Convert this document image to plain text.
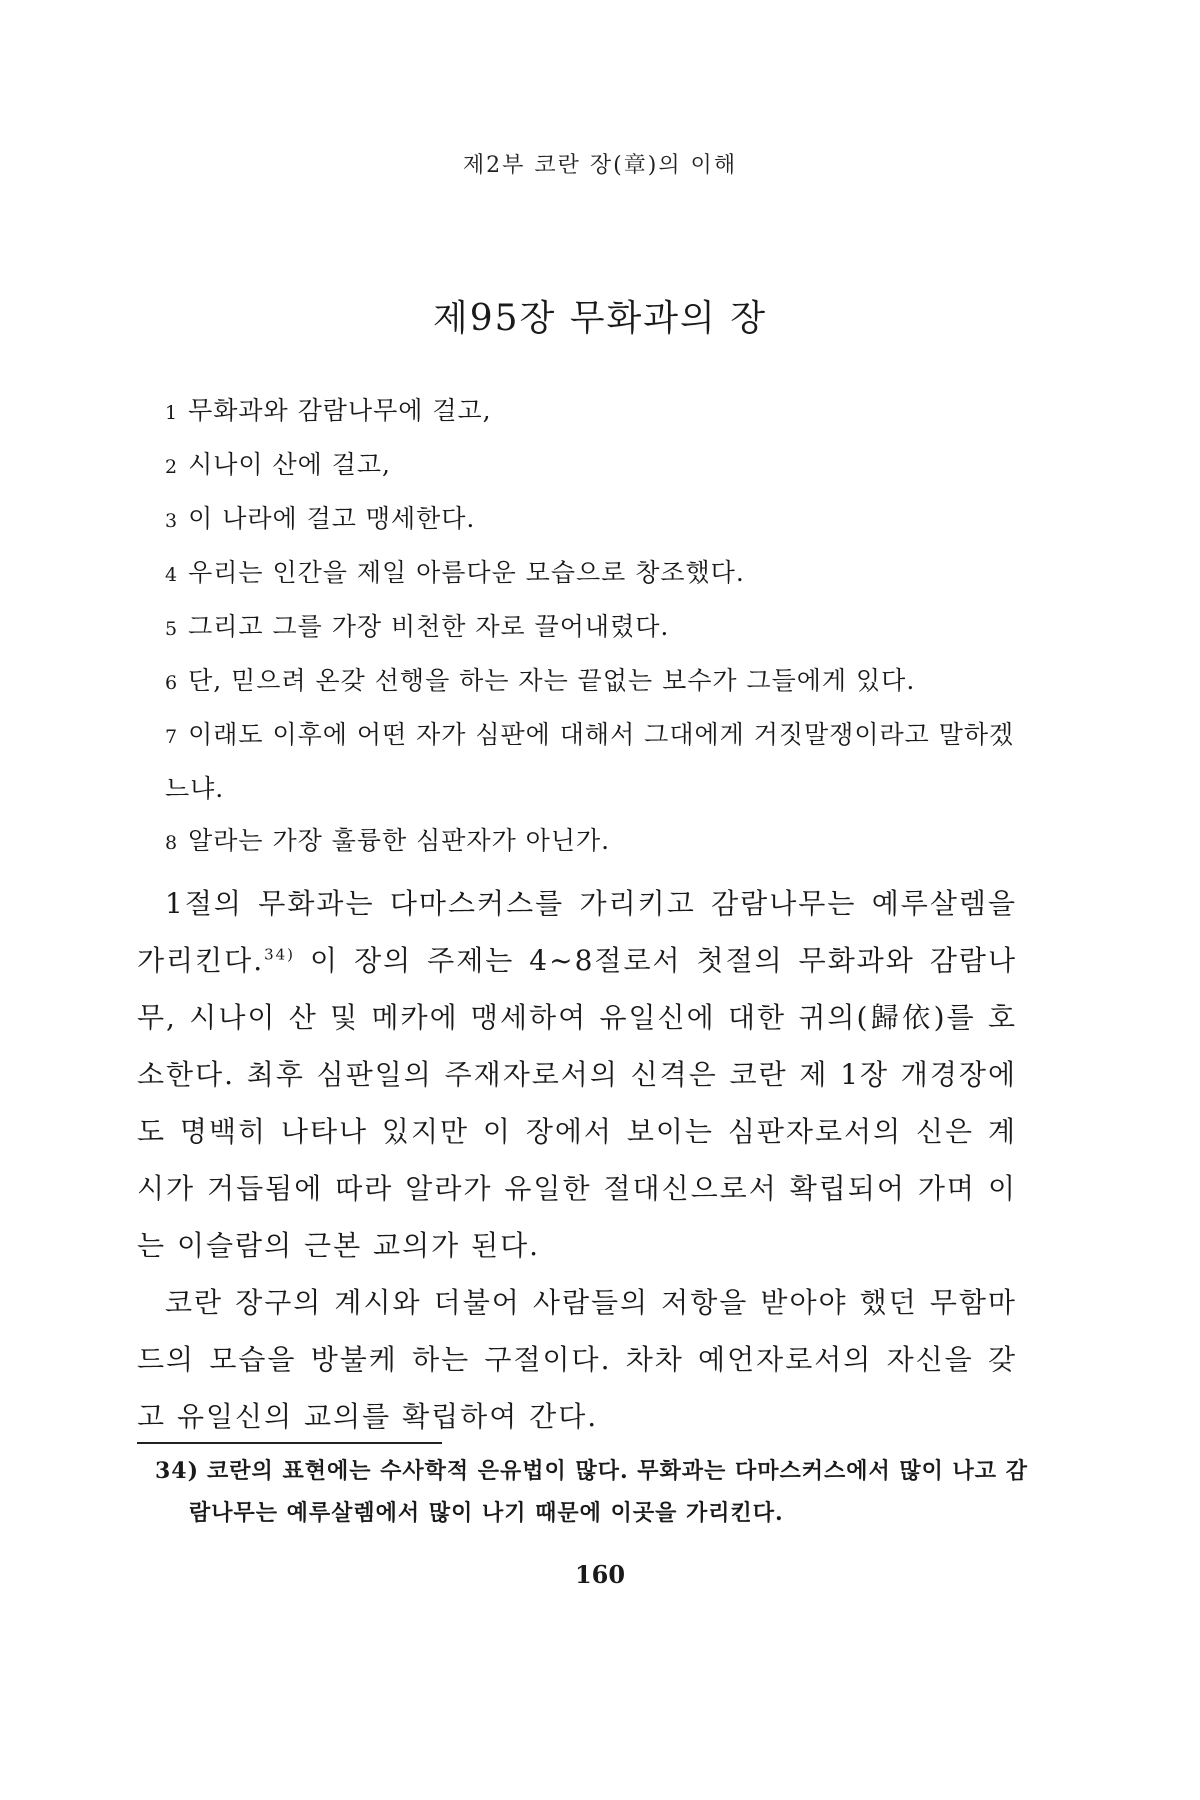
제2부 코란 장(章)의 이해
제95장 무화과의 장
1 무화과와 감람나무에 걸고,
2 시나이 산에 걸고,
3 이 나라에 걸고 맹세한다.
4 우리는 인간을 제일 아름다운 모습으로 창조했다.
5 그리고 그를 가장 비천한 자로 끌어내렸다.
6 단, 믿으려 온갖 선행을 하는 자는 끝없는 보수가 그들에게 있다.
7 이래도 이후에 어떤 자가 심판에 대해서 그대에게 거짓말쟁이라고 말하겠느냐.
8 알라는 가장 훌륭한 심판자가 아닌가.

1절의 무화과는 다마스커스를 가리키고 감람나무는 예루살렘을 가리킨다.$^{34)}$ 이 장의 주제는 4~8절로서 첫절의 무화과와 감람나무, 시나이 산 및 메카에 맹세하여 유일신에 대한 귀의(歸依)를 호소한다. 최후 심판일의 주재자로서의 신격은 코란 제 1장 개경장에도 명백히 나타나 있지만 이 장에서 보이는 심판자로서의 신은 계시가 거듭됨에 따라 알라가 유일한 절대신으로서 확립되어 가며 이는 이슬람의 근본 교의가 된다.

코란 장구의 계시와 더불어 사람들의 저항을 받아야 했던 무함마드의 모습을 방불케 하는 구절이다. 차차 예언자로서의 자신을 갖고 유일신의 교의를 확립하여 간다.

34) 코란의 표현에는 수사학적 은유법이 많다. 무화과는 다마스커스에서 많이 나고 감람나무는 예루살렘에서 많이 나기 때문에 이곳을 가리킨다.
160
